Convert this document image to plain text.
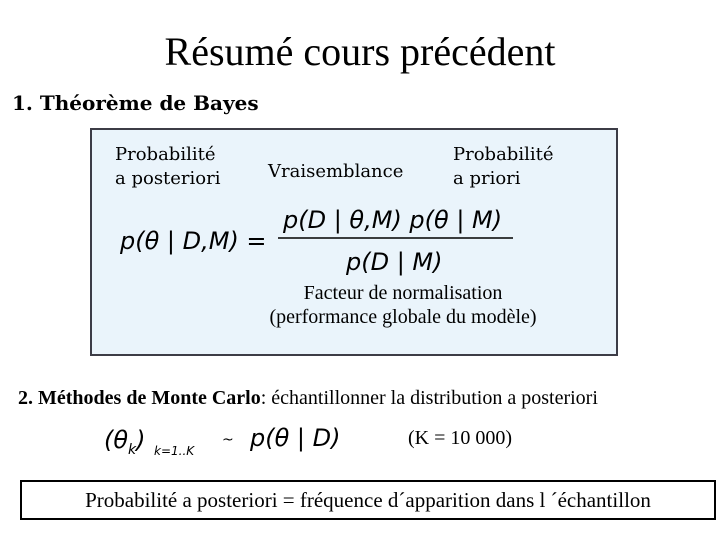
Résumé cours précédent
1. Théorème de Bayes
Probabilité
a posteriori	Vraisemblance
Probabilité
a priori
p(θ | D,M) =
p(D | θ,M) p(θ | M)
p(D | M)
Facteur de normalisation
(performance globale du modèle)
2. Méthodes de Monte Carlo: échantillonner la distribution a posteriori
$(\theta_k)$ k=1..K
~ p(θ | D)	(K = 10 000)
Probabilité a posteriori = fréquence d´apparition dans l ´échantillon
